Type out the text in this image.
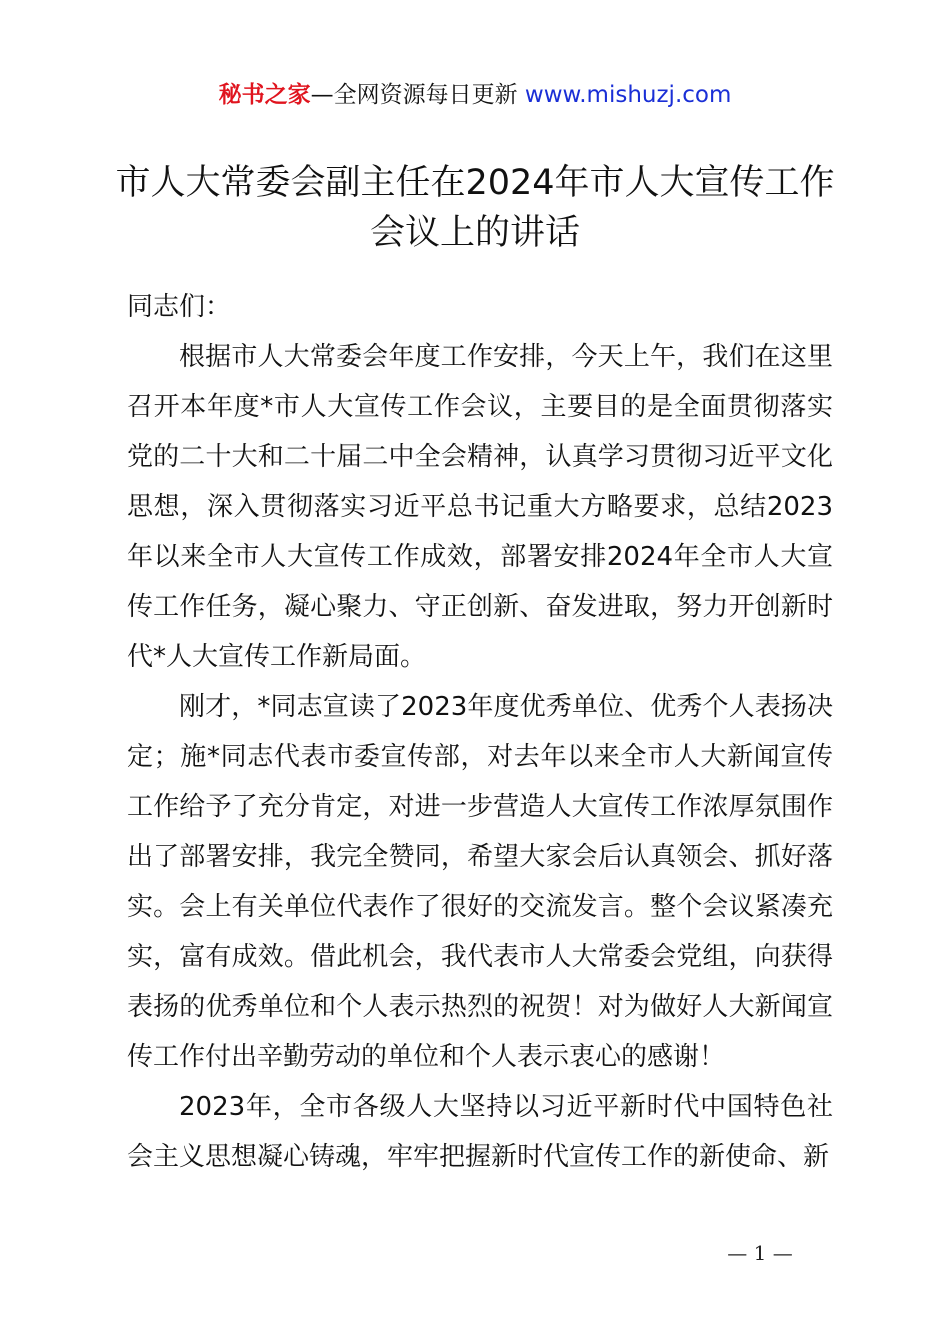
秘书之家—全网资源每日更新 www.mishuzj.com
市人大常委会副主任在2024年市人大宣传工作会议上的讲话

同志们：

根据市人大常委会年度工作安排，今天上午，我们在这里召开本年度*市人大宣传工作会议，主要目的是全面贯彻落实党的二十大和二十届二中全会精神，认真学习贯彻习近平文化思想，深入贯彻落实习近平总书记重大方略要求，总结2023年以来全市人大宣传工作成效，部署安排2024年全市人大宣传工作任务，凝心聚力、守正创新、奋发进取，努力开创新时代*人大宣传工作新局面。

刚才，*同志宣读了2023年度优秀单位、优秀个人表扬决定；施*同志代表市委宣传部，对去年以来全市人大新闻宣传工作给予了充分肯定，对进一步营造人大宣传工作浓厚氛围作出了部署安排，我完全赞同，希望大家会后认真领会、抓好落实。会上有关单位代表作了很好的交流发言。整个会议紧凑充实，富有成效。借此机会，我代表市人大常委会党组，向获得表扬的优秀单位和个人表示热烈的祝贺！对为做好人大新闻宣传工作付出辛勤劳动的单位和个人表示衷心的感谢！

2023年，全市各级人大坚持以习近平新时代中国特色社会主义思想凝心铸魂，牢牢把握新时代宣传工作的新使命、新

— 1 —
